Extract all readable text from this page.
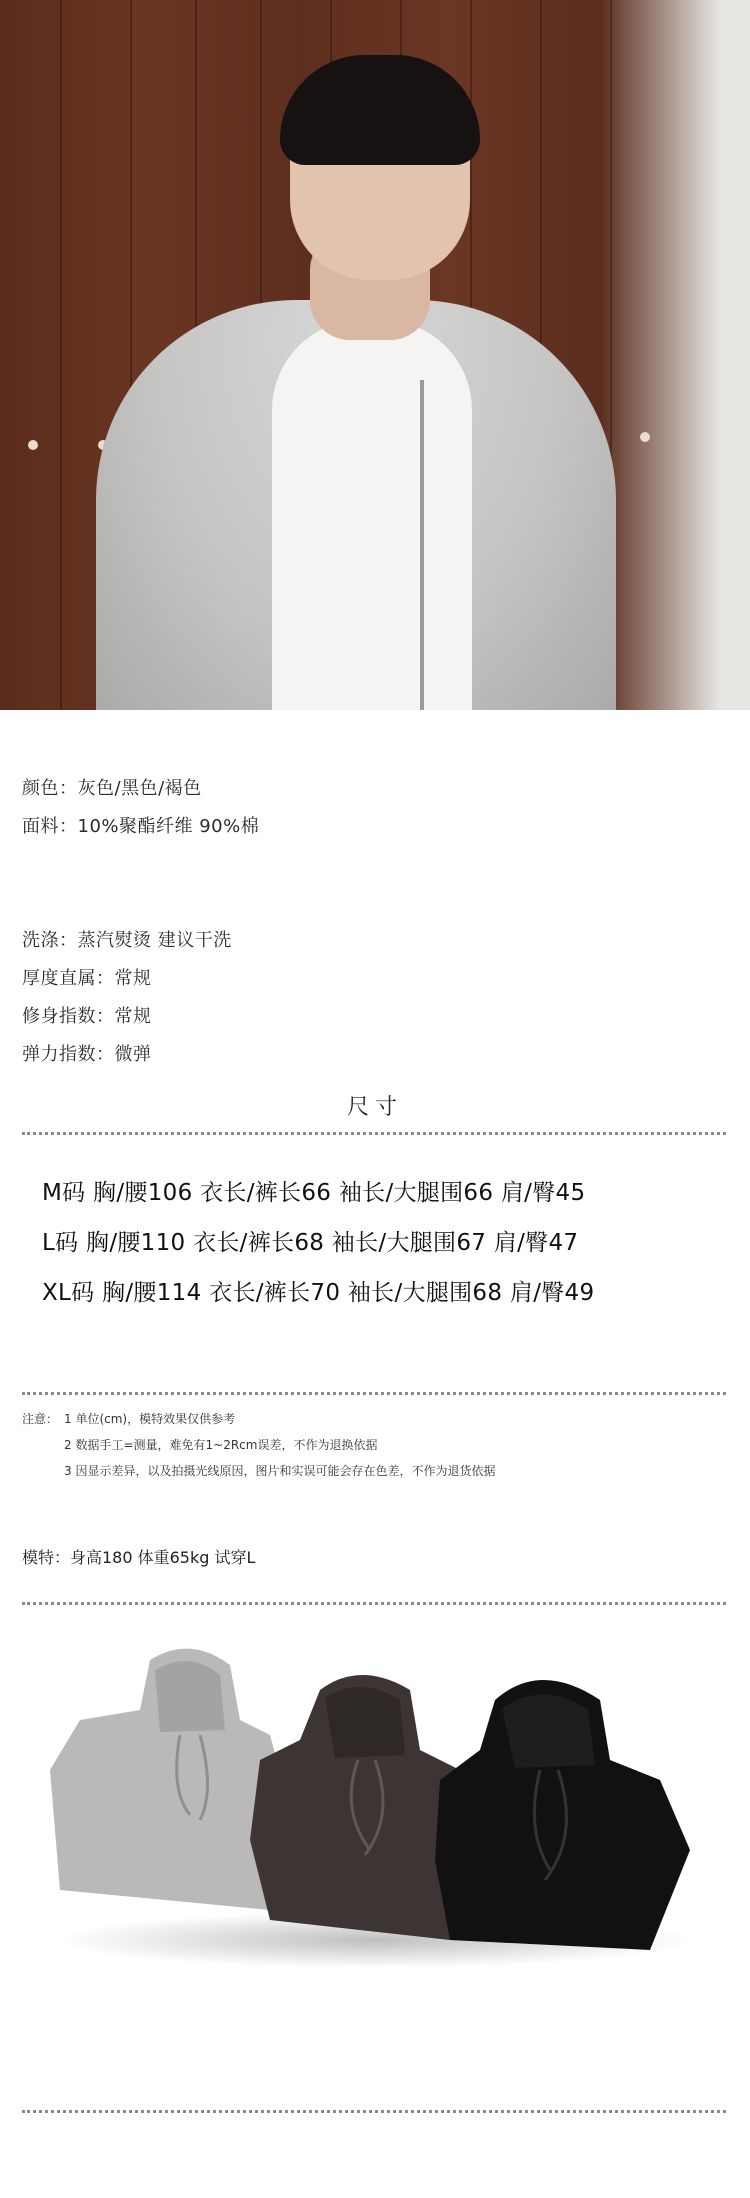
颜色：灰色/黑色/褐色
面料：10%聚酯纤维 90%棉
洗涤：蒸汽熨烫 建议干洗
厚度直属：常规
修身指数：常规
弹力指数：微弹
尺寸
M码 胸/腰106 衣长/裤长66 袖长/大腿围66 肩/臀45
L码 胸/腰110 衣长/裤长68 袖长/大腿围67 肩/臀47
XL码 胸/腰114 衣长/裤长70 袖长/大腿围68 肩/臀49
注意： 1 单位(cm)，模特效果仅供参考
2 数据手工=测量，难免有1~2Rcm误差，不作为退换依据
3 因显示差异，以及拍摄光线原因，图片和实误可能会存在色差，不作为退货依据
模特：身高180 体重65kg 试穿L
